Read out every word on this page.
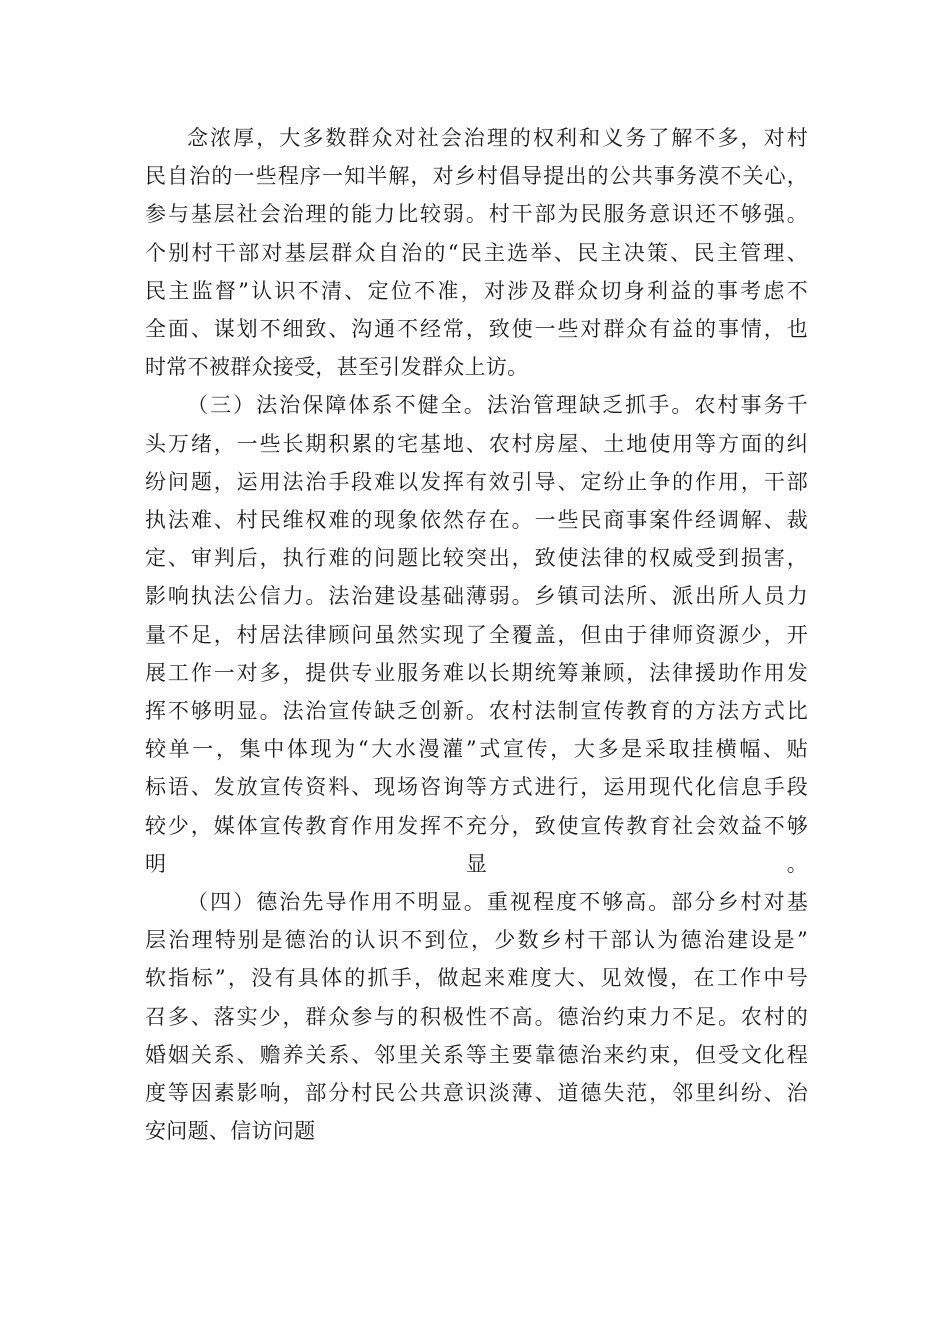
念浓厚，大多数群众对社会治理的权利和义务了解不多，对村
民自治的一些程序一知半解，对乡村倡导提出的公共事务漠不关心，
参与基层社会治理的能力比较弱。村干部为民服务意识还不够强。
个别村干部对基层群众自治的“民主选举、民主决策、民主管理、
民主监督”认识不清、定位不准，对涉及群众切身利益的事考虑不
全面、谋划不细致、沟通不经常，致使一些对群众有益的事情，也
时常不被群众接受，甚至引发群众上访。
（三）法治保障体系不健全。法治管理缺乏抓手。农村事务千
头万绪，一些长期积累的宅基地、农村房屋、土地使用等方面的纠
纷问题，运用法治手段难以发挥有效引导、定纷止争的作用，干部
执法难、村民维权难的现象依然存在。一些民商事案件经调解、裁
定、审判后，执行难的问题比较突出，致使法律的权威受到损害，
影响执法公信力。法治建设基础薄弱。乡镇司法所、派出所人员力
量不足，村居法律顾问虽然实现了全覆盖，但由于律师资源少，开
展工作一对多，提供专业服务难以长期统筹兼顾，法律援助作用发
挥不够明显。法治宣传缺乏创新。农村法制宣传教育的方法方式比
较单一，集中体现为“大水漫灌”式宣传，大多是采取挂横幅、贴
标语、发放宣传资料、现场咨询等方式进行，运用现代化信息手段
较少，媒体宣传教育作用发挥不充分，致使宣传教育社会效益不够
明显。
（四）德治先导作用不明显。重视程度不够高。部分乡村对基
层治理特别是德治的认识不到位，少数乡村干部认为德治建设是”
软指标”，没有具体的抓手，做起来难度大、见效慢，在工作中号
召多、落实少，群众参与的积极性不高。德治约束力不足。农村的
婚姻关系、赡养关系、邻里关系等主要靠德治来约束，但受文化程
度等因素影响，部分村民公共意识淡薄、道德失范，邻里纠纷、治
安问题、信访问题
